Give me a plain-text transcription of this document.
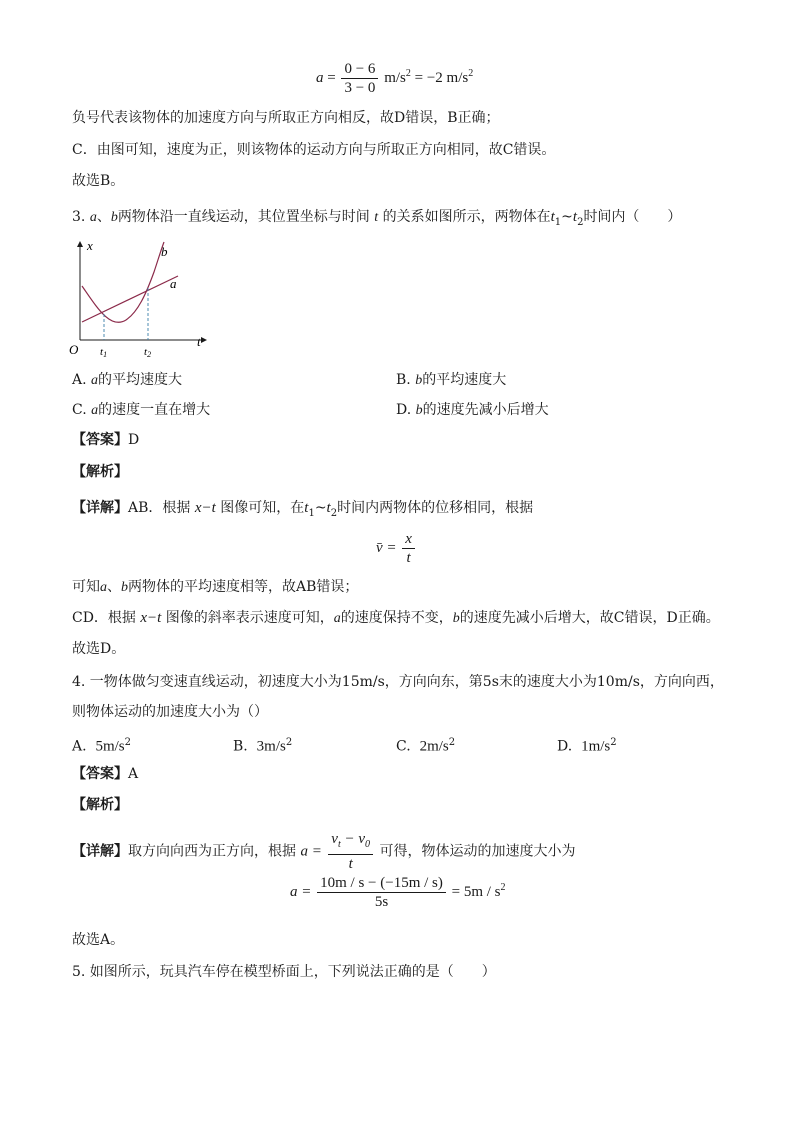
$a = \frac{0 - 6}{3 - 0} m/s^2 = -2$ $m/s^2$
负号代表该物体的加速度方向与所取正方向相反，故D错误，B正确；
C．由图可知，速度为正，则该物体的运动方向与所取正方向相同，故C错误。
故选B。
3. a、b两物体沿一直线运动，其位置坐标与时间 t 的关系如图所示，两物体在$t_1\sim t_2$时间内（　　）
x
t
O
b
a
t1	t2
A. a的平均速度大	B. b的平均速度大
C. a的速度一直在增大	D. b的速度先减小后增大
【答案】D
【解析】
【详解】AB．根据 x−t 图像可知，在$t_1\sim t_2$时间内两物体的位移相同，根据
v̄ = $\frac{x}{t}$
可知a、b两物体的平均速度相等，故AB错误；
CD．根据 x−t 图像的斜率表示速度可知，a的速度保持不变，b的速度先减小后增大，故C错误，D正确。
故选D。
4. 一物体做匀变速直线运动，初速度大小为15m/s，方向向东，第5s末的速度大小为10m/s，方向向西，
则物体运动的加速度大小为（）
A. $5m/s^2$	B. $3m/s^2$	C. $2m/s^2$	D. $1m/s^2$
【答案】A
【解析】
【详解】取方向向西为正方向，根据 $a = \frac{v_t - v_0}{t}$ 可得，物体运动的加速度大小为
$a = \frac{10m / s - (-15m / s)}{5s} = 5m / s^2$
故选A。
5. 如图所示，玩具汽车停在模型桥面上，下列说法正确的是（　　）
